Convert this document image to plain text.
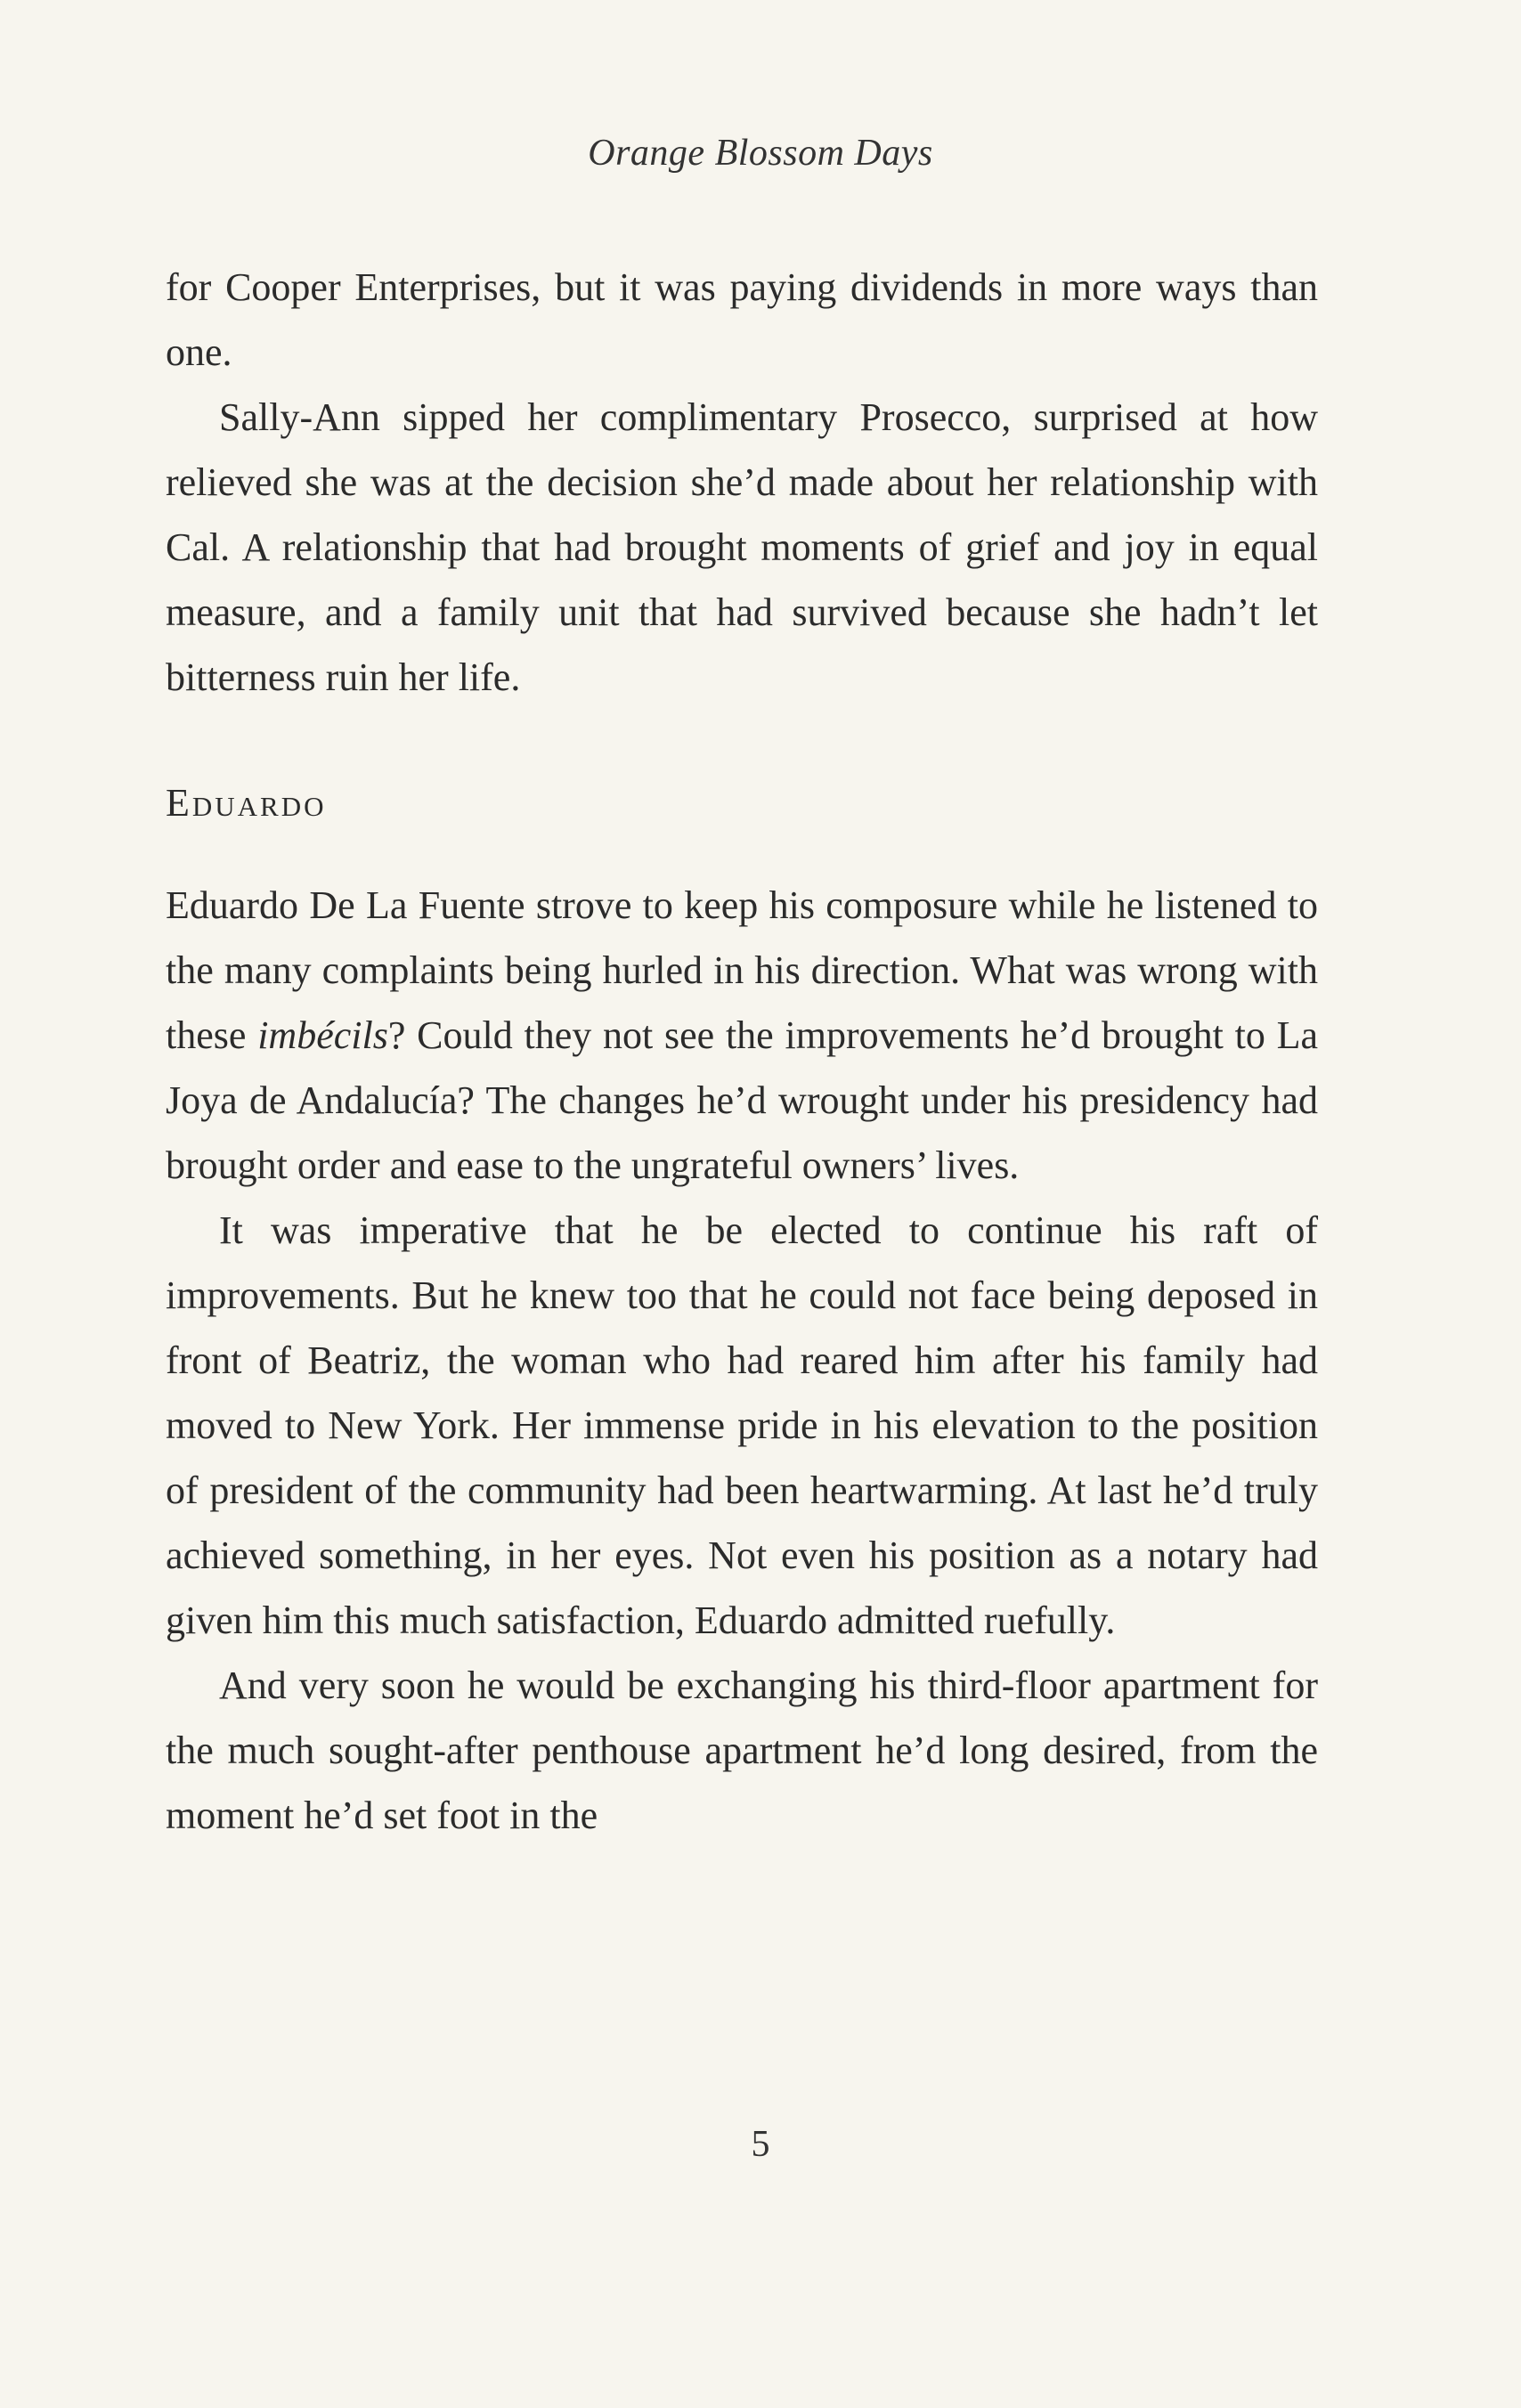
Orange Blossom Days

for Cooper Enterprises, but it was paying dividends in more ways than one.

Sally-Ann sipped her complimentary Prosecco, surprised at how relieved she was at the decision she’d made about her relationship with Cal. A relationship that had brought moments of grief and joy in equal measure, and a family unit that had survived because she hadn’t let bitterness ruin her life.

Eduardo

Eduardo De La Fuente strove to keep his composure while he listened to the many complaints being hurled in his direction. What was wrong with these imbécils? Could they not see the improvements he’d brought to La Joya de Andalucía? The changes he’d wrought under his presidency had brought order and ease to the ungrateful owners’ lives.

It was imperative that he be elected to continue his raft of improvements. But he knew too that he could not face being deposed in front of Beatriz, the woman who had reared him after his family had moved to New York. Her immense pride in his elevation to the position of president of the community had been heartwarming. At last he’d truly achieved something, in her eyes. Not even his position as a notary had given him this much satisfaction, Eduardo admitted ruefully.

And very soon he would be exchanging his third-floor apartment for the much sought-after penthouse apartment he’d long desired, from the moment he’d set foot in the

5
